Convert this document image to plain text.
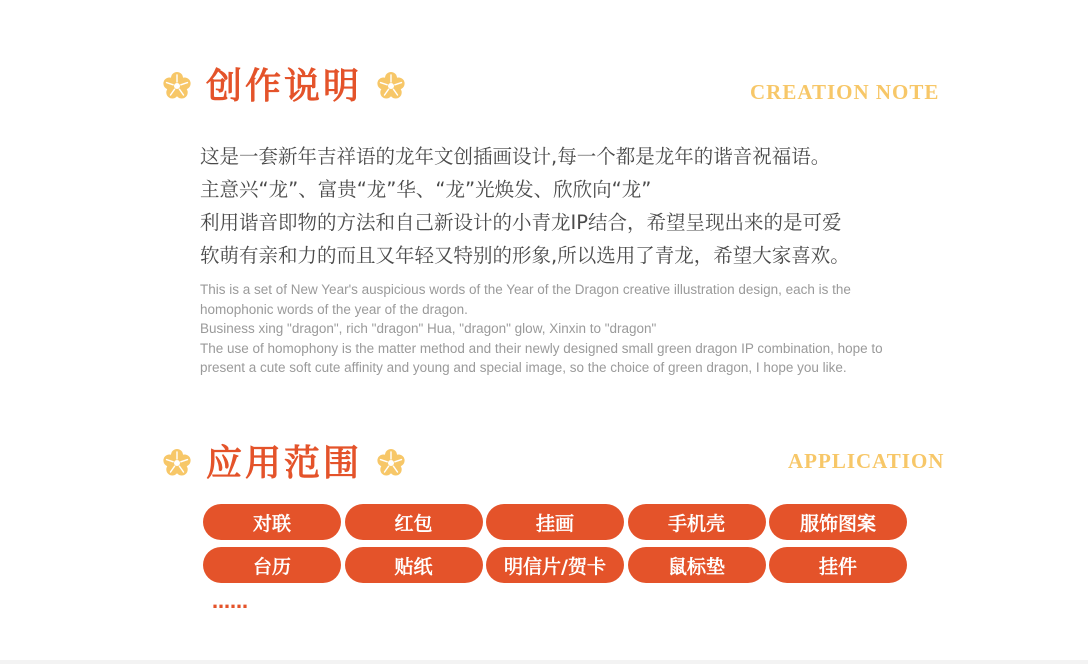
创作说明	CREATION NOTE
这是一套新年吉祥语的龙年文创插画设计,每一个都是龙年的谐音祝福语。
主意兴“龙”、富贵“龙”华、“龙”光焕发、欣欣向“龙”
利用谐音即物的方法和自己新设计的小青龙IP结合，希望呈现出来的是可爱
软萌有亲和力的而且又年轻又特别的形象,所以选用了青龙，希望大家喜欢。
This is a set of New Year's auspicious words of the Year of the Dragon creative illustration design, each is the homophonic words of the year of the dragon.
Business xing "dragon", rich "dragon" Hua, "dragon" glow, Xinxin to "dragon"
The use of homophony is the matter method and their newly designed small green dragon IP combination, hope to present a cute soft cute affinity and young and special image, so the choice of green dragon, I hope you like.
应用范围	APPLICATION
对联	红包	挂画	手机壳	服饰图案
台历	贴纸	明信片/贺卡	鼠标垫	挂件
……
